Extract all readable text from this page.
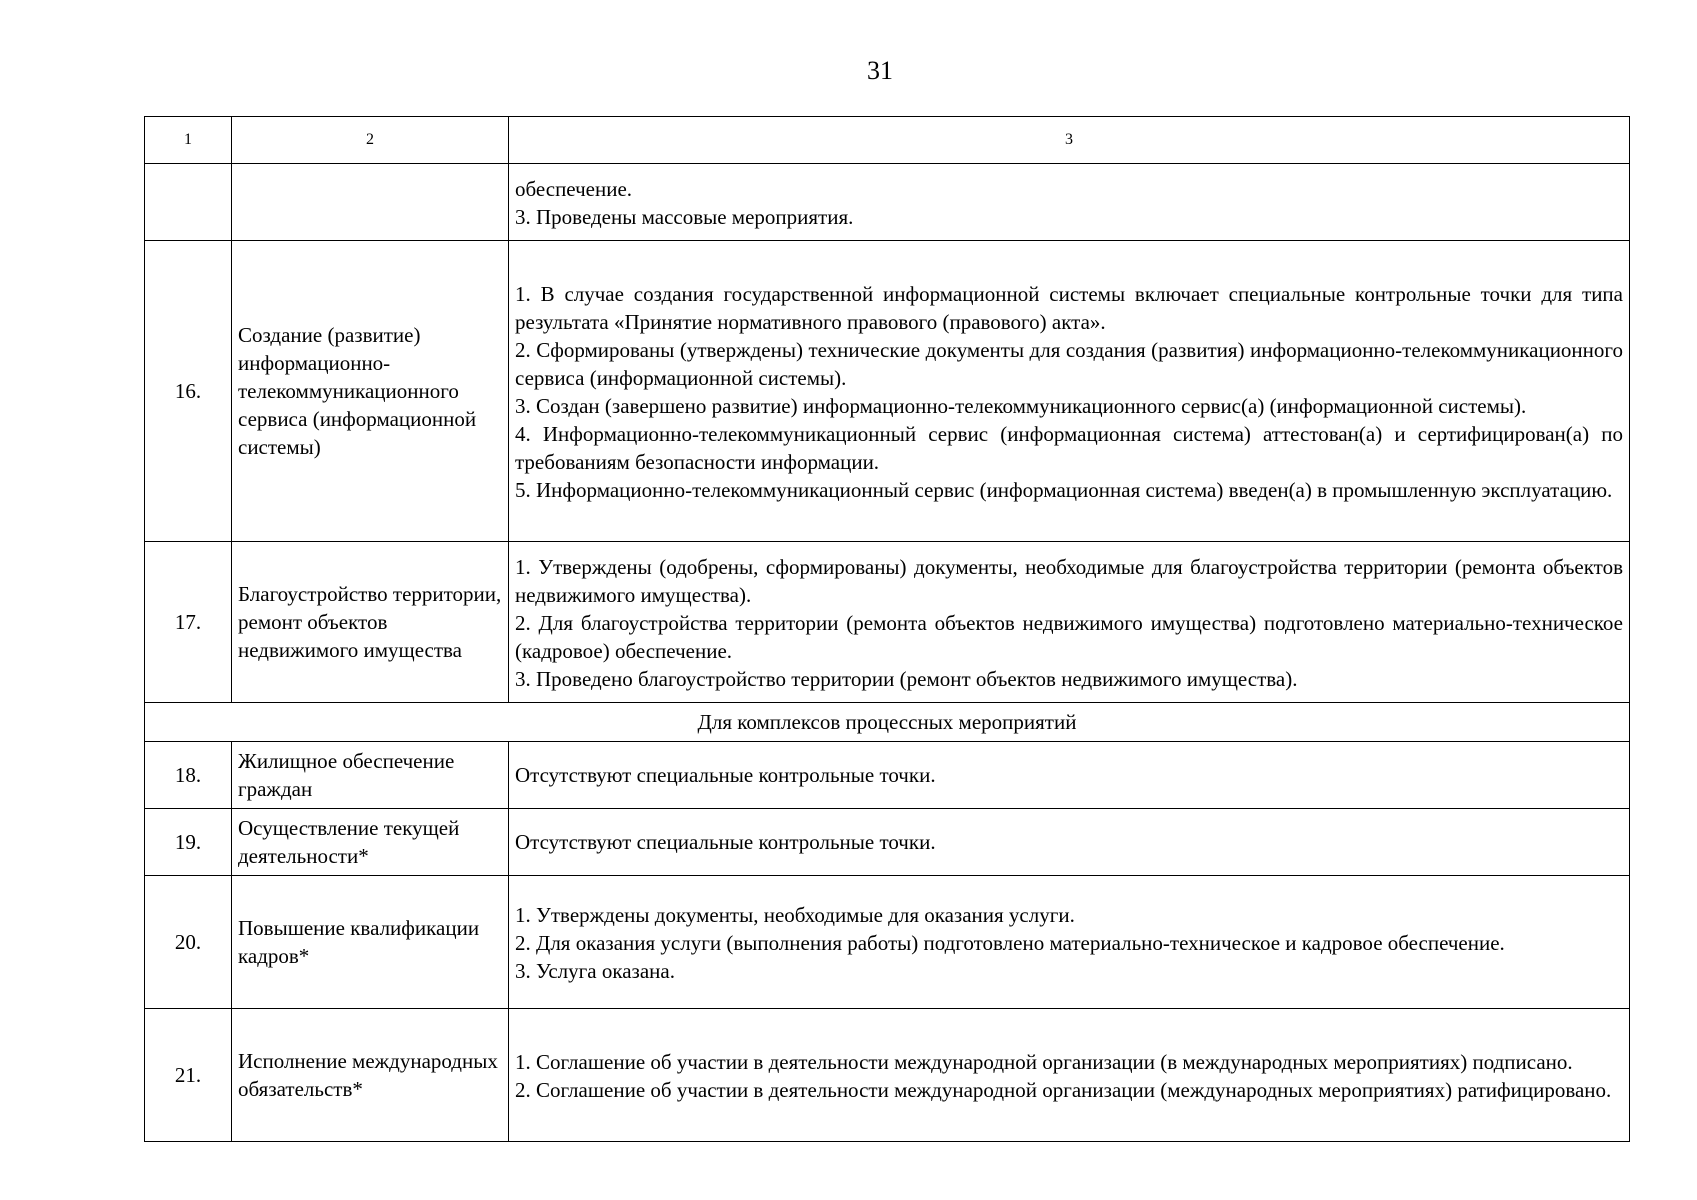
31
1	2	3

		обеспечение.
3. Проведены массовые мероприятия.

16.	Создание (развитие) информационно-телекоммуникационного сервиса (информационной системы)	1. В случае создания государственной информационной системы включает специальные контрольные точки для типа результата «Принятие нормативного правового (правового) акта».
2. Сформированы (утверждены) технические документы для создания (развития) информационно-телекоммуникационного сервиса (информационной системы).
3. Создан (завершено развитие) информационно-телекоммуникационного сервис(а) (информационной системы).
4. Информационно-телекоммуникационный сервис (информационная система) аттестован(а) и сертифицирован(а) по требованиям безопасности информации.
5. Информационно-телекоммуникационный сервис (информационная система) введен(а) в промышленную эксплуатацию.

17.	Благоустройство территории, ремонт объектов недвижимого имущества	1. Утверждены (одобрены, сформированы) документы, необходимые для благоустройства территории (ремонта объектов недвижимого имущества).
2. Для благоустройства территории (ремонта объектов недвижимого имущества) подготовлено материально-техническое (кадровое) обеспечение.
3. Проведено благоустройство территории (ремонт объектов недвижимого имущества).

Для комплексов процессных мероприятий		
18.	Жилищное обеспечение граждан	Отсутствуют специальные контрольные точки.

19.	Осуществление текущей деятельности*	Отсутствуют специальные контрольные точки.

20.	Повышение квалификации кадров*	1. Утверждены документы, необходимые для оказания услуги.
2. Для оказания услуги (выполнения работы) подготовлено материально-техническое и кадровое обеспечение.
3. Услуга оказана.

21.	Исполнение международных обязательств*	1. Соглашение об участии в деятельности международной организации (в международных мероприятиях) подписано.
2. Соглашение об участии в деятельности международной организации (международных мероприятиях) ратифицировано.
